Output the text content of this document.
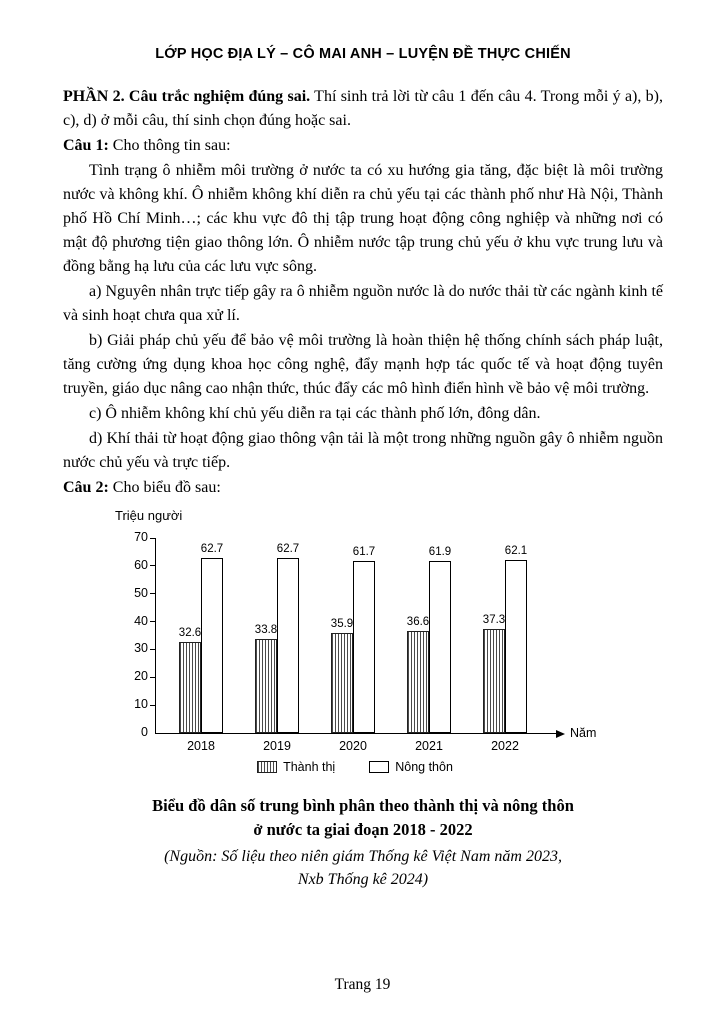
LỚP HỌC ĐỊA LÝ – CÔ MAI ANH – LUYỆN ĐỀ THỰC CHIẾN

PHẦN 2. Câu trắc nghiệm đúng sai. Thí sinh trả lời từ câu 1 đến câu 4. Trong mỗi ý a), b), c), d) ở mỗi câu, thí sinh chọn đúng hoặc sai.

Câu 1: Cho thông tin sau:

Tình trạng ô nhiễm môi trường ở nước ta có xu hướng gia tăng, đặc biệt là môi trường nước và không khí. Ô nhiễm không khí diễn ra chủ yếu tại các thành phố như Hà Nội, Thành phố Hồ Chí Minh…; các khu vực đô thị tập trung hoạt động công nghiệp và những nơi có mật độ phương tiện giao thông lớn. Ô nhiễm nước tập trung chủ yếu ở khu vực trung lưu và đồng bằng hạ lưu của các lưu vực sông.

a) Nguyên nhân trực tiếp gây ra ô nhiễm nguồn nước là do nước thải từ các ngành kinh tế và sinh hoạt chưa qua xử lí.

b) Giải pháp chủ yếu để bảo vệ môi trường là hoàn thiện hệ thống chính sách pháp luật, tăng cường ứng dụng khoa học công nghệ, đẩy mạnh hợp tác quốc tế và hoạt động tuyên truyền, giáo dục nâng cao nhận thức, thúc đẩy các mô hình điển hình về bảo vệ môi trường.

c) Ô nhiễm không khí chủ yếu diễn ra tại các thành phố lớn, đông dân.

d) Khí thải từ hoạt động giao thông vận tải là một trong những nguồn gây ô nhiễm nguồn nước chủ yếu và trực tiếp.

Câu 2: Cho biểu đồ sau:

Triệu người
Năm
0
10
20
30
40
50
60
70
32.6
62.7
2018
33.8
62.7
2019
35.9
61.7
2020
36.6
61.9
2021
37.3
62.1
2022
Thành thị	Nông thôn
Biểu đồ dân số trung bình phân theo thành thị và nông thôn
ở nước ta giai đoạn 2018 - 2022
(Nguồn: Số liệu theo niên giám Thống kê Việt Nam năm 2023,
Nxb Thống kê 2024)
Trang 19
